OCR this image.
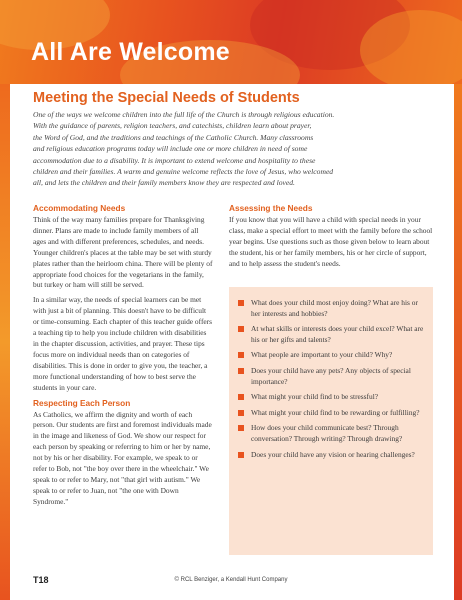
All Are Welcome
Meeting the Special Needs of Students

One of the ways we welcome children into the full life of the Church is through religious education.

With the guidance of parents, religion teachers, and catechists, children learn about prayer,

the Word of God, and the traditions and teachings of the Catholic Church. Many classrooms

and religious education programs today will include one or more children in need of some

accommodation due to a disability. It is important to extend welcome and hospitality to these

children and their families. A warm and genuine welcome reflects the love of Jesus, who welcomed

all, and lets the children and their family members know they are respected and loved.

Accommodating Needs

Think of the way many families prepare for Thanksgiving dinner. Plans are made to include family members of all ages and with different preferences, schedules, and needs. Younger children's places at the table may be set with sturdy plates rather than the heirloom china. There will be plenty of appropriate food choices for the vegetarians in the family, but turkey or ham will still be served.

In a similar way, the needs of special learners can be met with just a bit of planning. This doesn't have to be difficult or time-consuming. Each chapter of this teacher guide offers a teaching tip to help you include children with disabilities in the chapter discussion, activities, and prayer. These tips focus more on individual needs than on categories of disabilities. This is done in order to give you, the teacher, a more functional understanding of how to best serve the students in your care.

Respecting Each Person

As Catholics, we affirm the dignity and worth of each person. Our students are first and foremost individuals made in the image and likeness of God. We show our respect for each person by speaking or referring to him or her by name, not by his or her disability. For example, we speak to or refer to Bob, not "the boy over there in the wheelchair." We speak to or refer to Mary, not "that girl with autism." We speak to or refer to Juan, not "the one with Down Syndrome."

Assessing the Needs

If you know that you will have a child with special needs in your class, make a special effort to meet with the family before the school year begins. Use questions such as those given below to learn about the student, his or her family members, his or her circle of support, and to help assess the student's needs.

What does your child most enjoy doing? What are his or her interests and hobbies?
At what skills or interests does your child excel? What are his or her gifts and talents?
What people are important to your child? Why?
Does your child have any pets? Any objects of special importance?
What might your child find to be stressful?
What might your child find to be rewarding or fulfilling?
How does your child communicate best? Through conversation? Through writing? Through drawing?
Does your child have any vision or hearing challenges?
T18	© RCL Benziger, a Kendall Hunt Company
